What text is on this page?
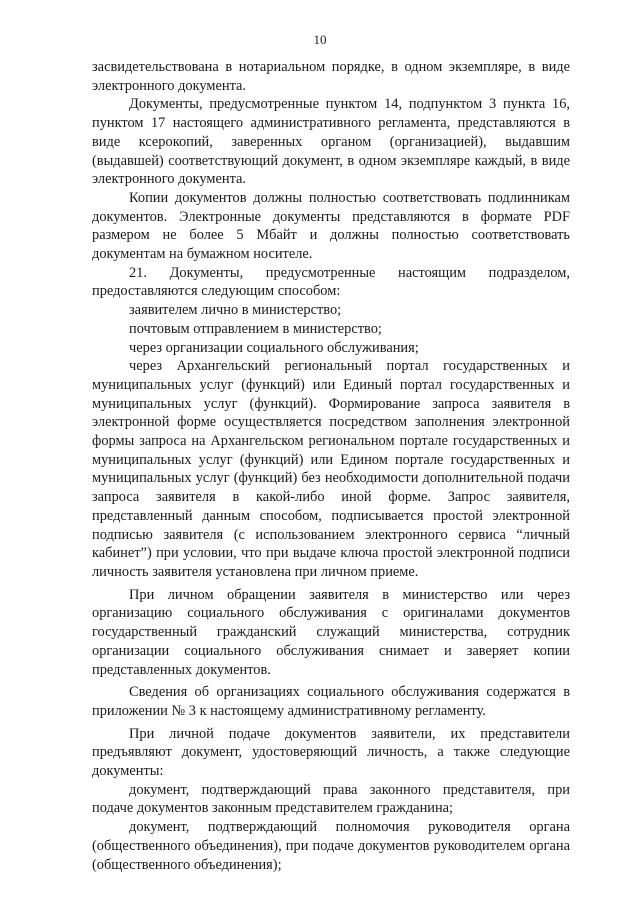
10

засвидетельствована в нотариальном порядке, в одном экземпляре, в виде электронного документа.

Документы, предусмотренные пунктом 14, подпунктом 3 пункта 16, пунктом 17 настоящего административного регламента, представляются в виде ксерокопий, заверенных органом (организацией), выдавшим (выдавшей) соответствующий документ, в одном экземпляре каждый, в виде электронного документа.

Копии документов должны полностью соответствовать подлинникам документов. Электронные документы представляются в формате PDF размером не более 5 Мбайт и должны полностью соответствовать документам на бумажном носителе.

21. Документы, предусмотренные настоящим подразделом, предоставляются следующим способом:

заявителем лично в министерство;

почтовым отправлением в министерство;

через организации социального обслуживания;

через Архангельский региональный портал государственных и муниципальных услуг (функций) или Единый портал государственных и муниципальных услуг (функций). Формирование запроса заявителя в электронной форме осуществляется посредством заполнения электронной формы запроса на Архангельском региональном портале государственных и муниципальных услуг (функций) или Едином портале государственных и муниципальных услуг (функций) без необходимости дополнительной подачи запроса заявителя в какой-либо иной форме. Запрос заявителя, представленный данным способом, подписывается простой электронной подписью заявителя (с использованием электронного сервиса “личный кабинет”) при условии, что при выдаче ключа простой электронной подписи личность заявителя установлена при личном приеме.

При личном обращении заявителя в министерство или через организацию социального обслуживания с оригиналами документов государственный гражданский служащий министерства, сотрудник организации социального обслуживания снимает и заверяет копии представленных документов.

Сведения об организациях социального обслуживания содержатся в приложении № 3 к настоящему административному регламенту.

При личной подаче документов заявители, их представители предъявляют документ, удостоверяющий личность, а также следующие документы:

документ, подтверждающий права законного представителя, при подаче документов законным представителем гражданина;

документ, подтверждающий полномочия руководителя органа (общественного объединения), при подаче документов руководителем органа (общественного объединения);
